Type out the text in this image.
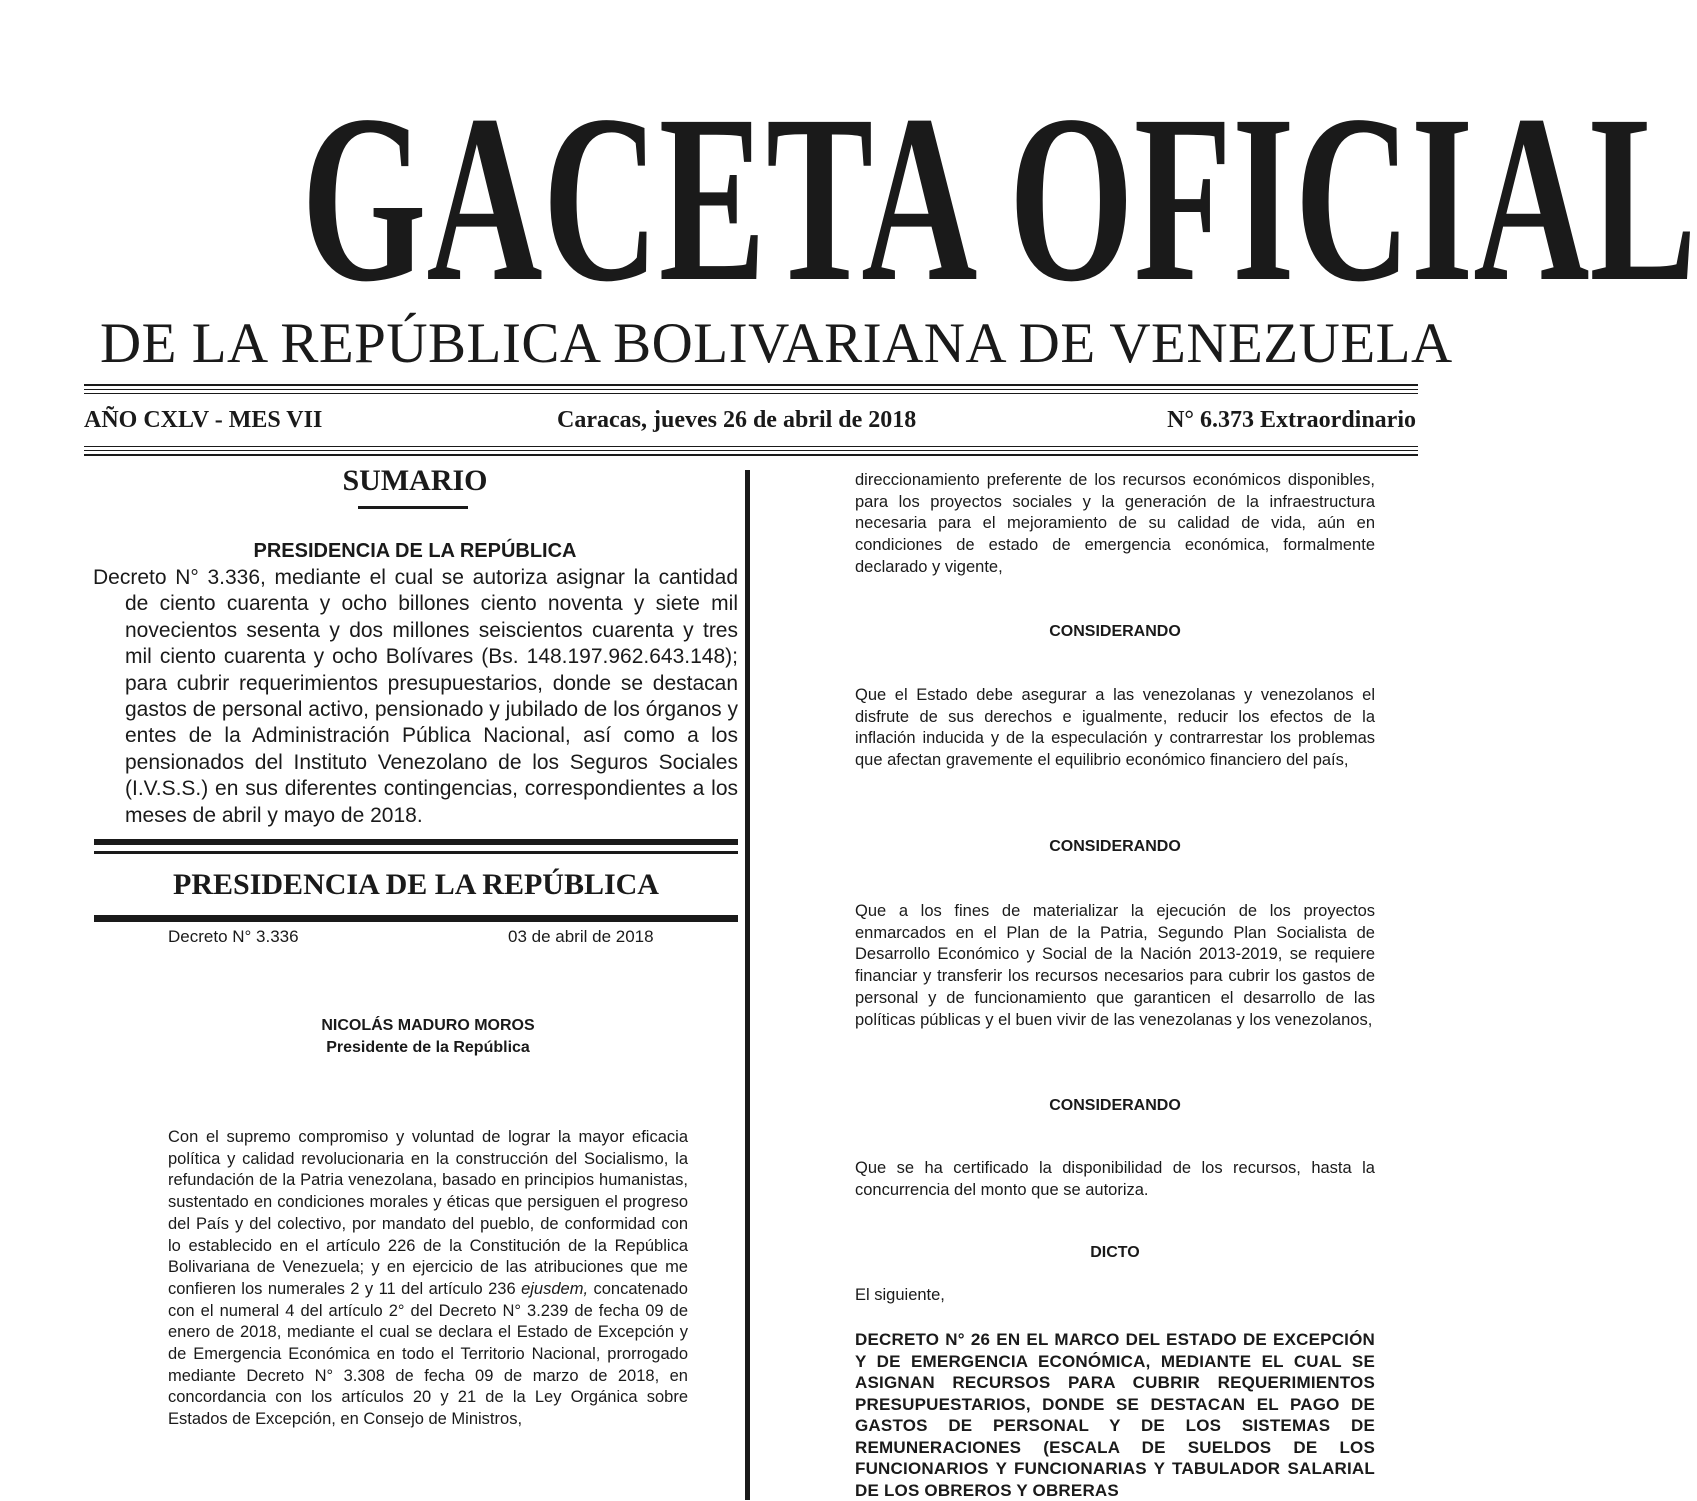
GACETA OFICIAL
DE LA REPÚBLICA BOLIVARIANA DE VENEZUELA
AÑO CXLV - MES VII	Caracas, jueves 26 de abril de 2018	N° 6.373 Extraordinario
SUMARIO
PRESIDENCIA DE LA REPÚBLICA
Decreto N° 3.336, mediante el cual se autoriza asignar la cantidad de ciento cuarenta y ocho billones ciento noventa y siete mil novecientos sesenta y dos millones seiscientos cuarenta y tres mil ciento cuarenta y ocho Bolívares (Bs. 148.197.962.643.148); para cubrir requerimientos presupuestarios, donde se destacan gastos de personal activo, pensionado y jubilado de los órganos y entes de la Administración Pública Nacional, así como a los pensionados del Instituto Venezolano de los Seguros Sociales (I.V.S.S.) en sus diferentes contingencias, correspondientes a los meses de abril y mayo de 2018.
PRESIDENCIA DE LA REPÚBLICA
Decreto N° 3.336	03 de abril de 2018
NICOLÁS MADURO MOROS
Presidente de la República
Con el supremo compromiso y voluntad de lograr la mayor eficacia política y calidad revolucionaria en la construcción del Socialismo, la refundación de la Patria venezolana, basado en principios humanistas, sustentado en condiciones morales y éticas que persiguen el progreso del País y del colectivo, por mandato del pueblo, de conformidad con lo establecido en el artículo 226 de la Constitución de la República Bolivariana de Venezuela; y en ejercicio de las atribuciones que me confieren los numerales 2 y 11 del artículo 236 ejusdem, concatenado con el numeral 4 del artículo 2° del Decreto N° 3.239 de fecha 09 de enero de 2018, mediante el cual se declara el Estado de Excepción y de Emergencia Económica en todo el Territorio Nacional, prorrogado mediante Decreto N° 3.308 de fecha 09 de marzo de 2018, en concordancia con los artículos 20 y 21 de la Ley Orgánica sobre Estados de Excepción, en Consejo de Ministros,
direccionamiento preferente de los recursos económicos disponibles, para los proyectos sociales y la generación de la infraestructura necesaria para el mejoramiento de su calidad de vida, aún en condiciones de estado de emergencia económica, formalmente declarado y vigente,
CONSIDERANDO
Que el Estado debe asegurar a las venezolanas y venezolanos el disfrute de sus derechos e igualmente, reducir los efectos de la inflación inducida y de la especulación y contrarrestar los problemas que afectan gravemente el equilibrio económico financiero del país,
CONSIDERANDO
Que a los fines de materializar la ejecución de los proyectos enmarcados en el Plan de la Patria, Segundo Plan Socialista de Desarrollo Económico y Social de la Nación 2013-2019, se requiere financiar y transferir los recursos necesarios para cubrir los gastos de personal y de funcionamiento que garanticen el desarrollo de las políticas públicas y el buen vivir de las venezolanas y los venezolanos,
CONSIDERANDO
Que se ha certificado la disponibilidad de los recursos, hasta la concurrencia del monto que se autoriza.
DICTO
El siguiente,
DECRETO N° 26 EN EL MARCO DEL ESTADO DE EXCEPCIÓN Y DE EMERGENCIA ECONÓMICA, MEDIANTE EL CUAL SE ASIGNAN RECURSOS PARA CUBRIR REQUERIMIENTOS PRESUPUESTARIOS, DONDE SE DESTACAN EL PAGO DE GASTOS DE PERSONAL Y DE LOS SISTEMAS DE REMUNERACIONES (ESCALA DE SUELDOS DE LOS FUNCIONARIOS Y FUNCIONARIAS Y TABULADOR SALARIAL DE LOS OBREROS Y OBRERAS
